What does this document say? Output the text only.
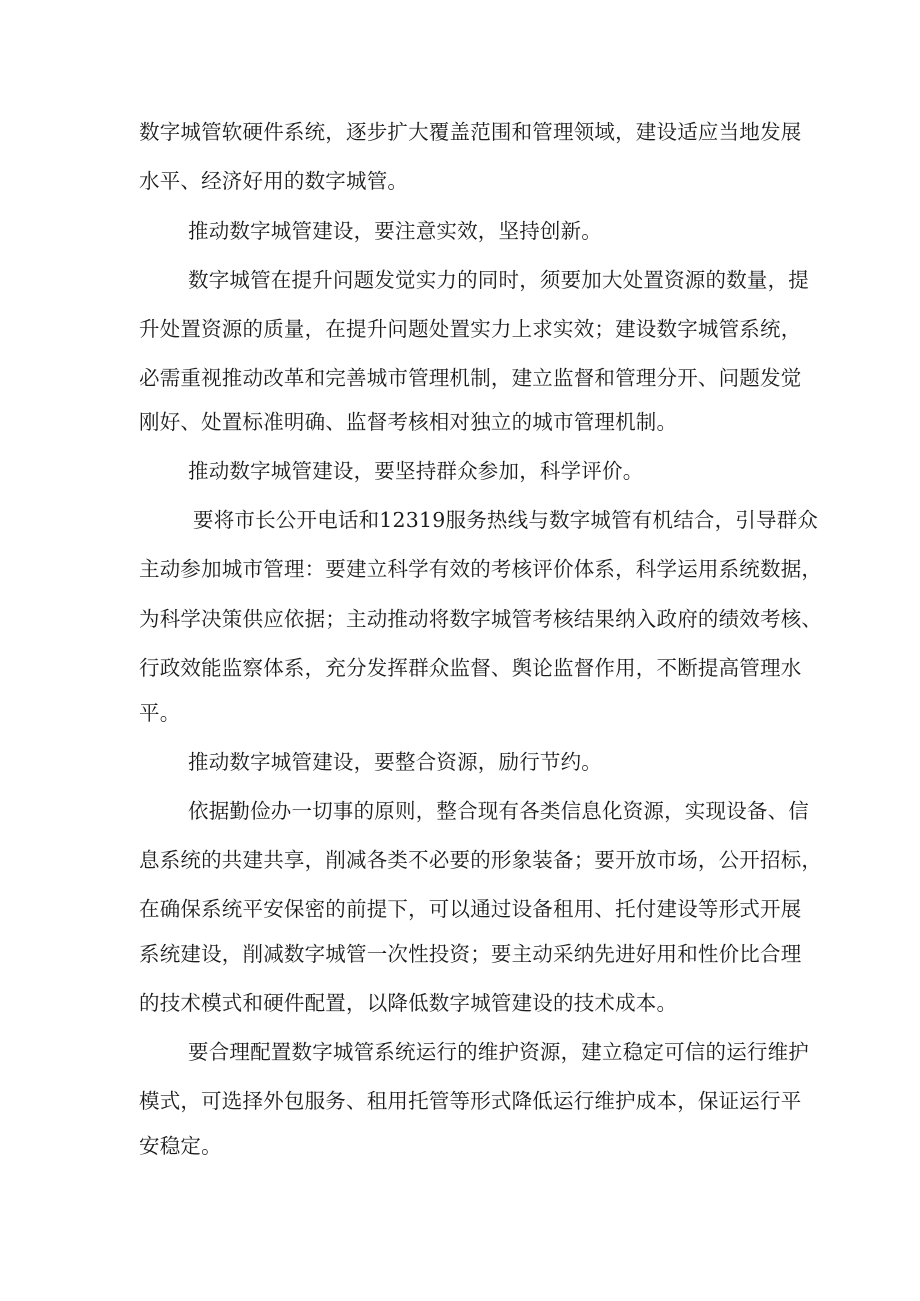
数字城管软硬件系统，逐步扩大覆盖范围和管理领域，建设适应当地发展
水平、经济好用的数字城管。
推动数字城管建设，要注意实效，坚持创新。
数字城管在提升问题发觉实力的同时，须要加大处置资源的数量，提
升处置资源的质量，在提升问题处置实力上求实效；建设数字城管系统，
必需重视推动改革和完善城市管理机制，建立监督和管理分开、问题发觉
刚好、处置标准明确、监督考核相对独立的城市管理机制。
推动数字城管建设，要坚持群众参加，科学评价。
要将市长公开电话和12319服务热线与数字城管有机结合，引导群众
主动参加城市管理：要建立科学有效的考核评价体系，科学运用系统数据，
为科学决策供应依据；主动推动将数字城管考核结果纳入政府的绩效考核、
行政效能监察体系，充分发挥群众监督、舆论监督作用，不断提高管理水
平。
推动数字城管建设，要整合资源，励行节约。
依据勤俭办一切事的原则，整合现有各类信息化资源，实现设备、信
息系统的共建共享，削减各类不必要的形象装备；要开放市场，公开招标，
在确保系统平安保密的前提下，可以通过设备租用、托付建设等形式开展
系统建设，削减数字城管一次性投资；要主动采纳先进好用和性价比合理
的技术模式和硬件配置，以降低数字城管建设的技术成本。
要合理配置数字城管系统运行的维护资源，建立稳定可信的运行维护
模式，可选择外包服务、租用托管等形式降低运行维护成本，保证运行平
安稳定。
